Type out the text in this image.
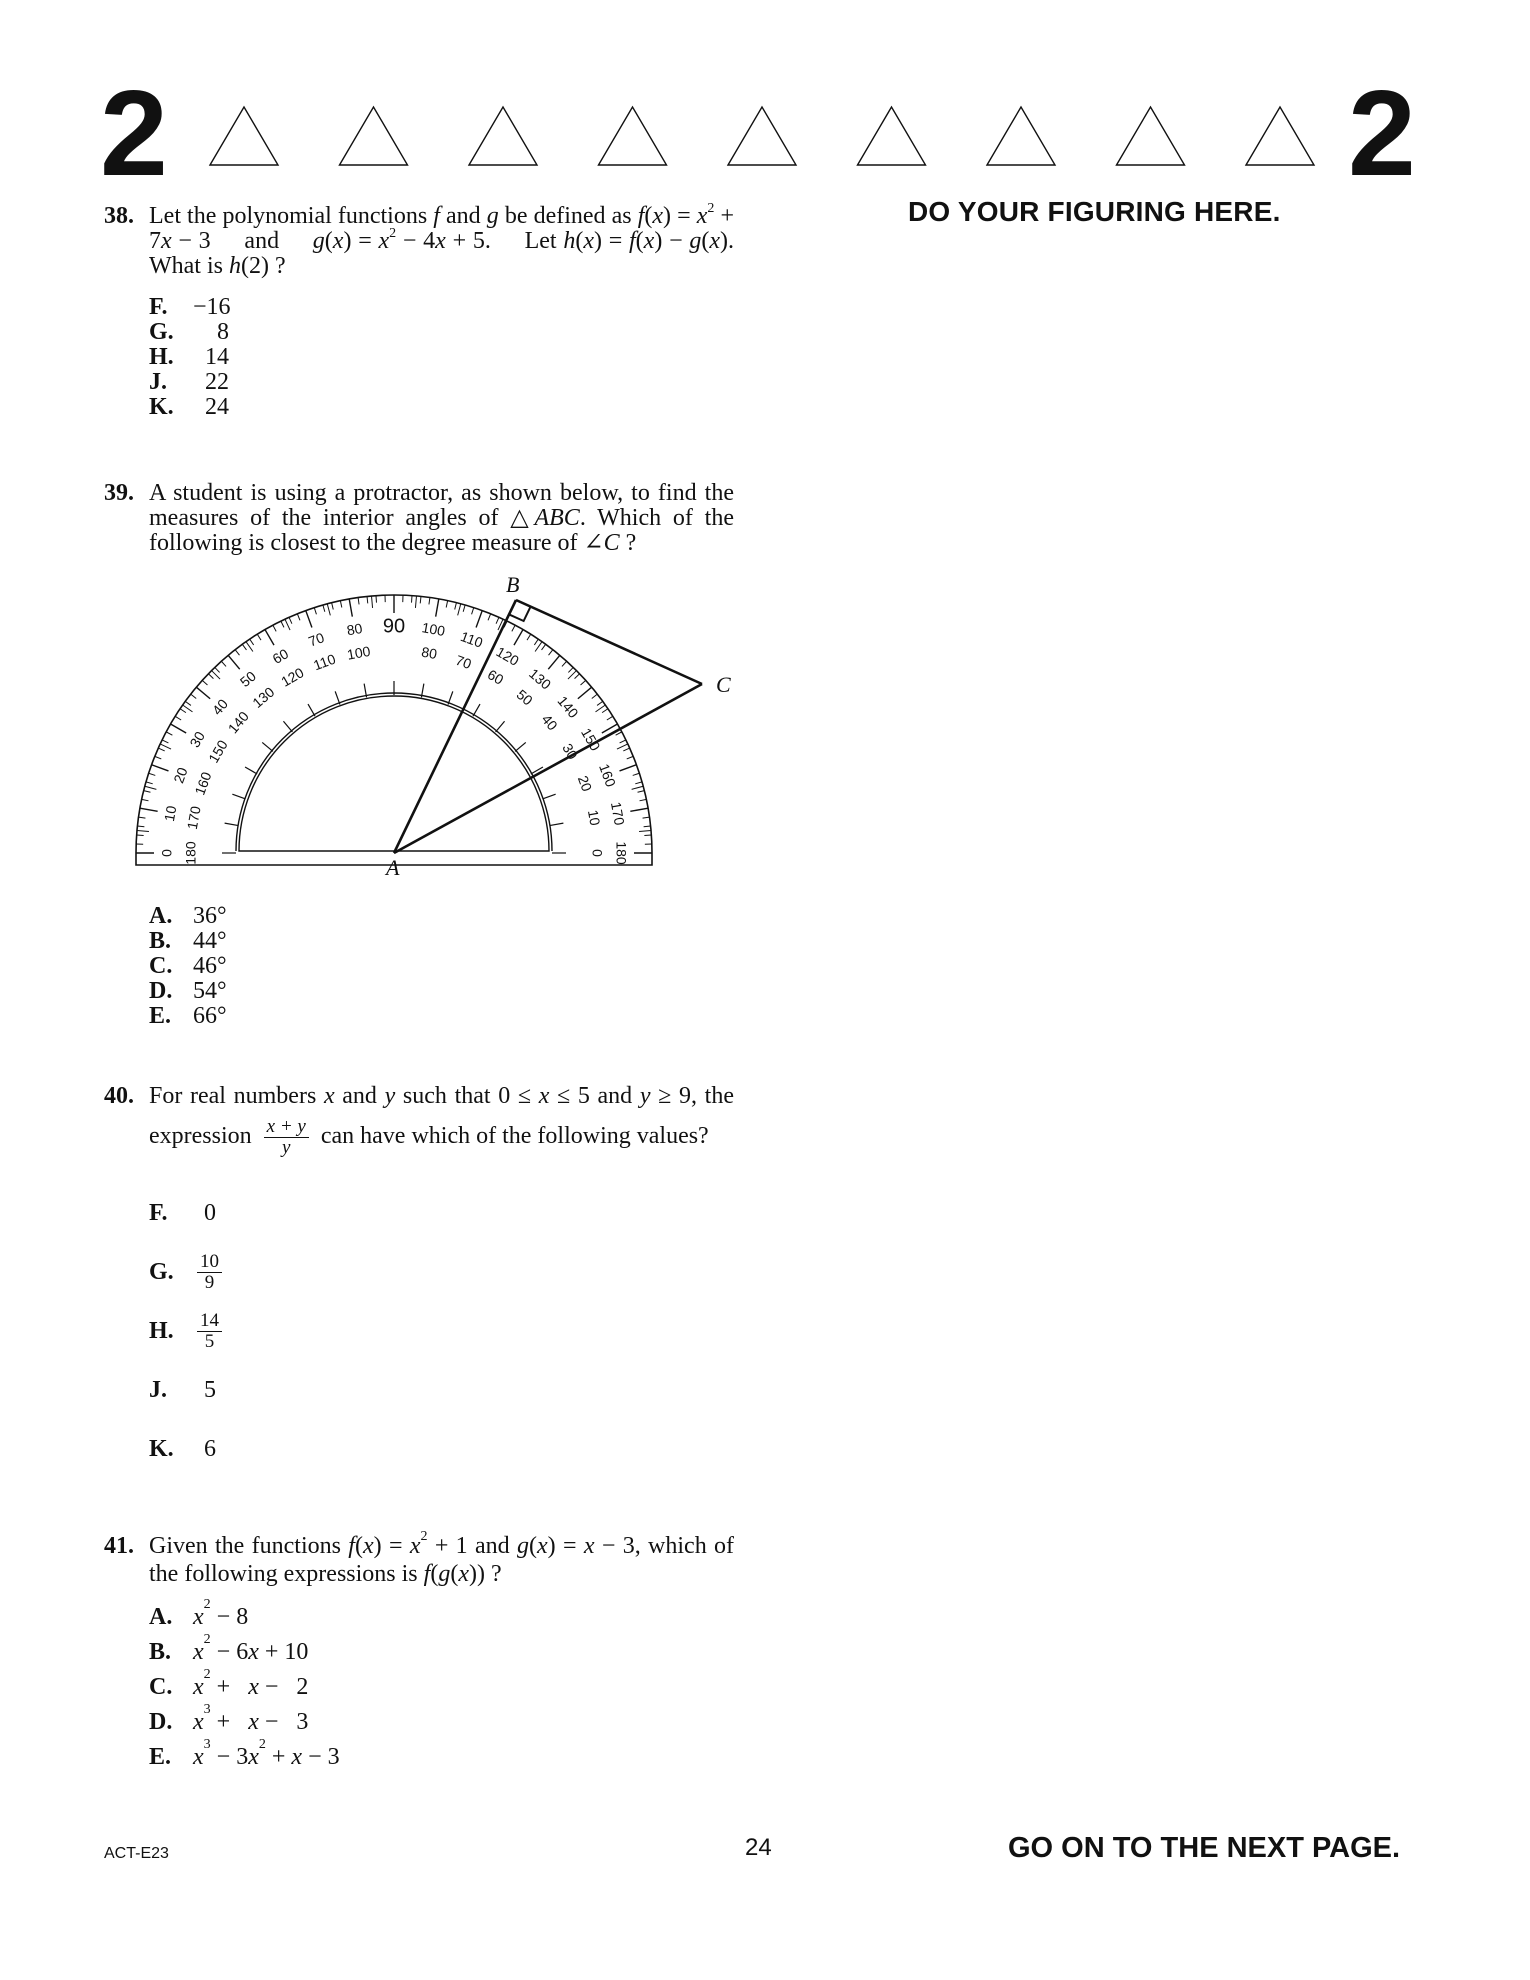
2	2
DO YOUR FIGURING HERE.
38. Let the polynomial functions f and g be defined as $f(x) = x^2 + 7x - 3$     and     $g(x) = x^2 - 4x + 5$.     Let h(x) = f(x) − g(x). What is h(2) ?
F.	−16
G.	8
H.	14
J.	22
K.	24
39. A student is using a protractor, as shown below, to find the measures of the interior angles of △ABC. Which of the following is closest to the degree measure of ∠C ?
0
10
20
30
40
50
60
70
80 90 100 110
120
130
140
150
160
170
180
180
170
160
150
140
130
120
110 100	80 70
60
50
40
30
20
10
0
A
B
C
A. 36°
B. 44°
C. 46°
D. 54°
E. 66°
40. For real numbers x and y such that 0 ≤ x ≤ 5 and y ≥ 9, the expression $\frac{x + y}{y}$ can have which of the following values?
F.	0
G.	$\frac{10}{9}$
H.	$\frac{14}{5}$
J.	5
K.	6
41. Given the functions $f(x) = x^2 + 1$ and g(x) = x − 3, which of the following expressions is f(g(x)) ?
A. $x^2 - 8$
B. $x^2 - 6x + 10$
C. $x^2 + x - 2$
D. $x^3 + x - 3$
E. $x^3 - 3x^2 + x - 3$
ACT-E23	24	GO ON TO THE NEXT PAGE.
